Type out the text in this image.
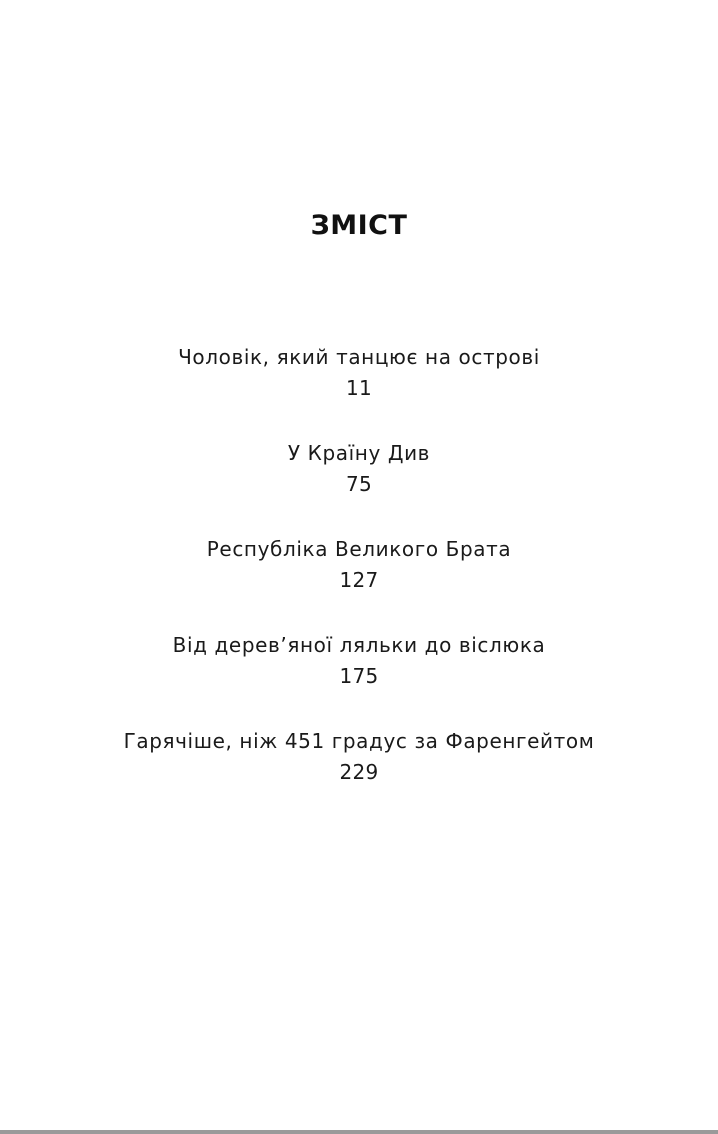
ЗМІСТ
Чоловік, який танцює на острові
11
У Країну Див
75
Республіка Великого Брата
127
Від дерев’яної ляльки до віслюка
175
Гарячіше, ніж 451 градус за Фаренгейтом
229
